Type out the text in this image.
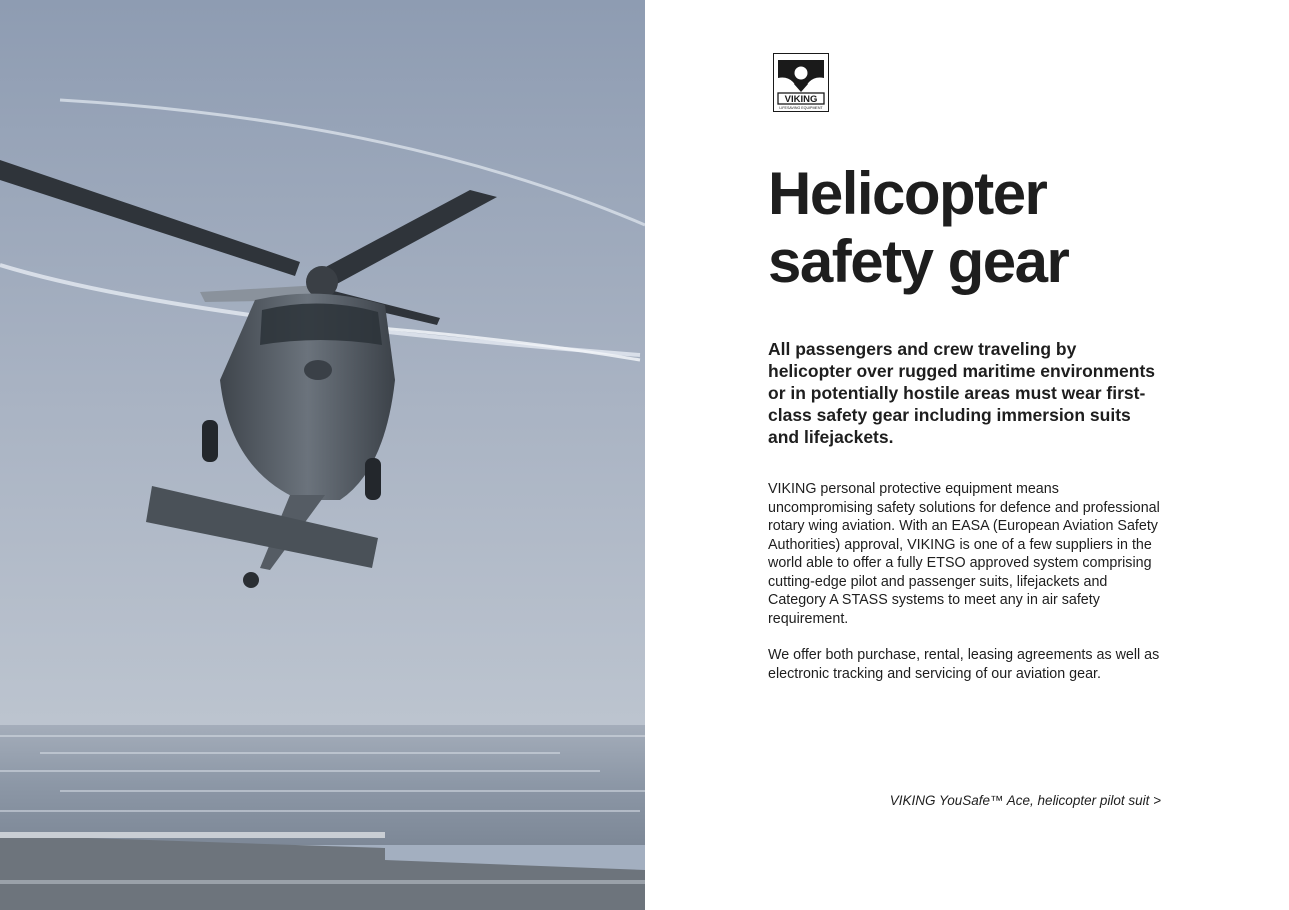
VIKING
LIFESAVING EQUIPMENT
Helicopter
safety gear

All passengers and crew traveling by helicopter over rugged maritime environments or in potentially hostile areas must wear first-class safety gear including immersion suits and lifejackets.

VIKING personal protective equipment means uncompromising safety solutions for defence and professional rotary wing aviation. With an EASA (European Aviation Safety Authorities) approval, VIKING is one of a few suppliers in the world able to offer a fully ETSO approved system comprising cutting-edge pilot and passenger suits, lifejackets and Category A STASS systems to meet any in air safety requirement.

We offer both purchase, rental, leasing agreements as well as electronic tracking and servicing of our aviation gear.

VIKING YouSafe™ Ace, helicopter pilot suit >
